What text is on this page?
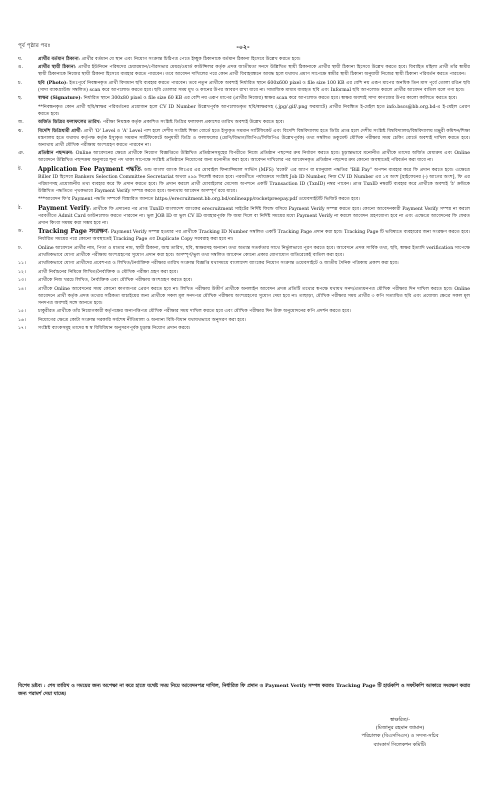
পূর্ব পৃষ্ঠার পরঃ	-০২-
ঘ.	প্রার্থীর বর্তমান ঠিকানা: প্রার্থীর বর্তমান যে স্থান এবং নিয়োগ সংক্রান্ত চিঠিপত্র পেতে ইচ্ছুক ঠিকানাকে বর্তমান ঠিকানা হিসেবে উল্লেখ করতে হবে।
ঙ.	প্রার্থীর স্থায়ী ঠিকানা: প্রার্থীর ইউনিয়ন পরিষদের চেয়ারম্যান/পৌরসভার মেয়র/ওয়ার্ড কাউন্সিলর কর্তৃক প্রদত্ত জাতীয়তা সনদে উল্লিখিত স্থায়ী ঠিকানাকে প্রার্থীর স্থায়ী ঠিকানা হিসেবে উল্লেখ করতে হবে। বিবাহিত মহিলা প্রার্থী তাঁর স্বামীর স্থায়ী ঠিকানাকে নিজের স্থায়ী ঠিকানা হিসেবে ব্যবহার করতে পারবেন। তবে আবেদন দাখিলের পরে কোন প্রার্থী বিবাহবন্ধনে আবদ্ধ হলে যথাযথ প্রমাণ সাপেক্ষে স্বামীর স্থায়ী ঠিকানা অনুযায়ী নিজের স্থায়ী ঠিকানা পরিবর্তন করতে পারবেন।
চ.	ছবি (Photo): ইতঃপূর্বে নিবন্ধনকৃত প্রার্থী বিদ্যমান ছবি ব্যবহার করতে পারবেন। তবে নতুন প্রার্থীকে অবশ্যই নির্ধারিত স্থানে 600x600 pixel ও file size 100 KB এর বেশি নয় এরূপ মাপের অনধিক তিন মাস পূর্বে তোলা রঙিন ছবি (সাদা ব্যাকগ্রাউন্ড সম্বলিত) scan করে আপলোড করতে হবে। ছবি তোলার সময় মুখ ও কানের উপর আবরণ রাখা যাবে না। সামাজিক মাধ্যম ব্যবহৃত ছবি এবং Informal ছবি আপলোড করলে প্রার্থীর আবেদন বাতিল বলে গণ্য হবে।
ছ.	স্বাক্ষর (Signature): নির্ধারিত স্থানে 300x80 pixel ও file size 60 KB এর বেশি নয় এরূপ মাপের (প্রার্থীর নিজের) স্বাক্ষর scan করে আপলোড করতে হবে। স্বাক্ষর অবশ্যই সাদা কাগজের উপর কালো কালিতে করতে হবে।
**নিবন্ধনকৃত কোন প্রার্থী ছবি/স্বাক্ষর পরিবর্তনের প্রয়োজন হলে CV ID Number উল্লেখপূর্বক আপলোডকৃত ছবি/স্বাক্ষরসহ (.jpg/.gif/.png ফরম্যাটে) প্রার্থীর নিবন্ধিত ই-মেইল হতে info.bscs@bb.org.bd-এ ই-মেইল প্রেরণ করতে হবে।
জ.	অর্জিত ডিগ্রির ফলাফলের তারিখ: পরীক্ষা নিয়ন্ত্রক কর্তৃক প্রকাশিত সংশ্লিষ্ট ডিগ্রির ফলাফল প্রকাশের তারিখ অবশ্যই উল্লেখ করতে হবে।
ঝ.	বিদেশি ডিগ্রিধারী প্রার্থী: প্রার্থী 'O' Level ও 'A' Level পাশ হলে দেশীয় সংশ্লিষ্ট শিক্ষা বোর্ডে হতে ইস্যুকৃত সমমান সার্টিফিকেট এবং বিদেশি বিশ্ববিদ্যালয় হতে ডিগ্রি প্রাপ্ত হলে দেশীয় সংশ্লিষ্ট বিশ্ববিদ্যালয়/বিশ্ববিদ্যালয় মঞ্জুরী কমিশন/শিক্ষা মন্ত্রণালয় হতে যথাযথ কর্তৃপক্ষ কর্তৃক ইস্যুকৃত সমমান সার্টিফিকেটে অনুযায়ী ডিগ্রি ও ফলাফলের (শ্রেণি/বিভাগ/জিপিএ/সিজিপিএ উল্লেখপূর্বক) তথ্য সম্বলিত ডকুমেন্ট মৌখিক পরীক্ষার সময় চেকিং বোর্ডে অবশ্যই দাখিল করতে হবে। অন্যথায় প্রার্থী মৌখিক পরীক্ষায় অংশগ্রহণ করতে পারবেন না।
ঞ.	প্রতিষ্ঠান পছন্দক্রম: Online আবেদনের ক্ষেত্রে প্রার্থীকে নিয়োগ বিজ্ঞপ্তিতে উল্লিখিত প্রতিষ্ঠানসমূহের বিপরীতে নিজে প্রতিষ্ঠান পছন্দের ক্রম নির্ধারণ করতে হবে। চূড়ান্তভাবে মনোনীত প্রার্থীকে তাদের অর্জিত মেধাক্রম এবং Online আবেদনে উল্লিখিত পছন্দক্রম অনুসারে শূন্য পদ থাকা সাপেক্ষে সংশ্লিষ্ট প্রতিষ্ঠানে নিয়োগের জন্য মনোনীত করা হবে। আবেদন দাখিলের পর আবেদনকৃত প্রতিষ্ঠান পছন্দের ক্রম কোনো অবস্থাতেই পরিবর্তন করা যাবে না।
ট.	Application Fee Payment পদ্ধতি: ডাচ বাংলা ব্যাংক লিঃএর এর মোবাইল ফিন্যান্সিয়াল সার্ভিস (MFS) 'রকেট' এর অ্যাপ বা ম্যানুয়াল পদ্ধতির "Bill Pay" অপশন ব্যবহার করে ফি প্রদান করতে হবে। এক্ষেত্রে Biller ID হিসেবে Bankers Selection Committee Secretariat অথবা ৪৯৯ সিলেক্ট করতে হবে। পরবর্তীতে পর্যায়ক্রমে সংশ্লিষ্ট Job ID Number, নিজ CV ID Number এর ১ম অংশ [হাইফেনের (-) আগের অংশ], ফি এর পরিমাণসহ প্রয়োজনীয় তথ্য ব্যবহার করে ফি প্রদান করতে হবে। ফি প্রদান করলে প্রার্থী মোবাইলের মেসেজ অপশনে একটি Transaction ID (TxnID) নম্বর পাবেন। প্রাপ্ত TxnID নম্বরটি ব্যবহার করে প্রার্থীকে অবশ্যই 'ঠ' ক্রমিকে উল্লিখিত পদ্ধতিতে পৃথকভাবে Payment Verify সম্পন্ন করতে হবে। অন্যথায় আবেদন অসম্পূর্ণ রয়ে যাবে।
***আবেদন ফি'র Payment পদ্ধতি সম্পর্কে বিস্তারিত জানতে https://erecruitment.bb.org.bd/onlineapp/rocketpreepay.pdf ওয়েবসাইটটি ভিজিট করতে হবে।
ঠ.	Payment Verify: প্রার্থীকে ফি প্রদানের পর প্রাপ্ত TxnID বাংলাদেশ ব্যাংকের erecruitment সাইটের নির্দিষ্ট ফিল্ডে বসিয়ে Payment Verify সম্পন্ন করতে হবে। কোনো আবেদনকারী Payment Verify সম্পন্ন না করলে পরবর্তীতে Admit Card ডাউনলোড করতে পারবেন না। ভুল JOB ID বা ভুল CV ID ব্যবহারপূর্বক ফি জমা দিলে বা নির্দিষ্ট সময়ের মধ্যে Payment Verify না করলে আবেদন গ্রহণযোগ্য হবে না এবং এক্ষেত্রে আবেদনের ফি ফেরত প্রদান কিংবা সমন্বয় করা সম্ভব হবে না।
ড.	Tracking Page সংরক্ষণ: Payment Verify সম্পন্ন হওয়ার পর প্রার্থীকে Tracking ID Number সম্বলিত একটি Tracking Page প্রদান করা হবে। Tracking Page টি ভবিষ্যতে ব্যবহারের জন্য সংরক্ষণ করতে হবে। নির্ধারিত সময়ের পরে কোনো অবস্থাতেই Tracking Page এর Duplicate Copy সরবরাহ করা হবে না।
ঢ.	Online আবেদনে প্রার্থীর নাম, পিতা ও মাতার নাম, স্থায়ী ঠিকানা, জন্ম তারিখ, ছবি, স্বাক্ষরসহ অন্যান্য তথ্য অত্যন্ত সতর্কতার সাথে নির্ভুলভাবে পূরণ করতে হবে। আবেদনে প্রদত্ত সার্বিক তথ্য, ছবি, স্বাক্ষর ইত্যাদি verification সাপেক্ষে প্রাথমিকভাবে যোগ্য প্রার্থীকে পরীক্ষায় অংশগ্রহণের সুযোগ প্রদান করা হবে। অসম্পূর্ণ/ভুল তথ্য সম্বলিত আবেদন কোনো প্রকার যোগাযোগ ব্যতিরেকেই বাতিল করা হবে।
১১।	প্রাথমিকভাবে যোগ্য প্রার্থীদের প্রবেশপত্র ও লিখিত/নৈর্ব্যক্তিক পরীক্ষার তারিখ সংক্রান্ত বিজ্ঞপ্তি যথাসময়ে বাংলাদেশ ব্যাংকের নিয়োগ সংক্রান্ত ওয়েবসাইটে ও জাতীয় দৈনিক পত্রিকায় প্রকাশ করা হবে।
১২।	প্রার্থী নির্বাচনের নিমিত্তে লিখিত/নৈর্ব্যক্তিক ও মৌখিক পরীক্ষা গ্রহণ করা হবে।
১৩।	প্রার্থীকে নিজ খরচে লিখিত, নৈর্ব্যক্তিক এবং মৌখিক পরীক্ষায় অংশগ্রহণ করতে হবে।
১৪।	প্রার্থীকে Online আবেদনের সময় কোনো কাগজপত্র প্রেরণ করতে হবে না। লিখিত পরীক্ষায় উত্তীর্ণ প্রার্থীকে অনলাইন আবেদন প্রদত্ত প্রতিটি তথ্যের স্বপক্ষে যথাযথ সনদ/প্রত্যয়নপত্র মৌখিক পরীক্ষার দিন দাখিল করতে হবে। Online আবেদনে প্রার্থী কর্তৃক প্রদত্ত তথ্যের সঠিকতা যাচাইয়ের জন্য প্রার্থীকে সকল মূল সনদপত্র মৌখিক পরীক্ষায় অংশগ্রহণের সুযোগ দেয়া হবে না। তাছাড়া, মৌখিক পরীক্ষার সময় প্রার্থীর ৩ কপি সত্যায়িত ছবি এবং প্রযোজ্য ক্ষেত্রে সকল মূল সনদপত্র অবশ্যই সঙ্গে আনতে হবে।
১৫।	চাকুরীরত প্রার্থীকে তাঁর নিয়োগকারী কর্তৃপক্ষের অনাপত্তিপত্র মৌখিক পরীক্ষার সময় দাখিল করতে হবে এবং মৌখিক পরীক্ষার দিন উক্ত অনুমোদনের কপি প্রদর্শন করতে হবে।
১৬।	নিয়োগের ক্ষেত্রে কোটা সংক্রান্ত সরকারি সর্বশেষ নীতিমালা ও অন্যান্য বিধি-বিধান যথাযথভাবে অনুসরণ করা হবে।
১৭।	সংশ্লিষ্ট ব্যাংকসমূহ তাদের স্ব স্ব বিধিবিধান অনুসরণপূর্বক চূড়ান্ত নিয়োগ প্রদান করবে।
বিশেষ দ্রষ্টব্য : শেষ তারিখ ও সময়ের জন্য অপেক্ষা না করে হাতে যথেষ্ট সময় নিয়ে আবেদনপত্র দাখিল, নির্ধারিত ফি প্রদান ও Payment Verify সম্পন্ন করতঃ Tracking Page টি হার্ডকপি ও সফটকপি আকারে সংরক্ষণ করার জন্য পরামর্শ দেয়া যাচ্ছে।
স্বাক্ষরিত/-
(মিজানুর রহমান জামান)
পরিচালক (বিএসসিএস) ও সদস্য-সচিব
ব্যাংকার্স সিলেকশন কমিটি।
